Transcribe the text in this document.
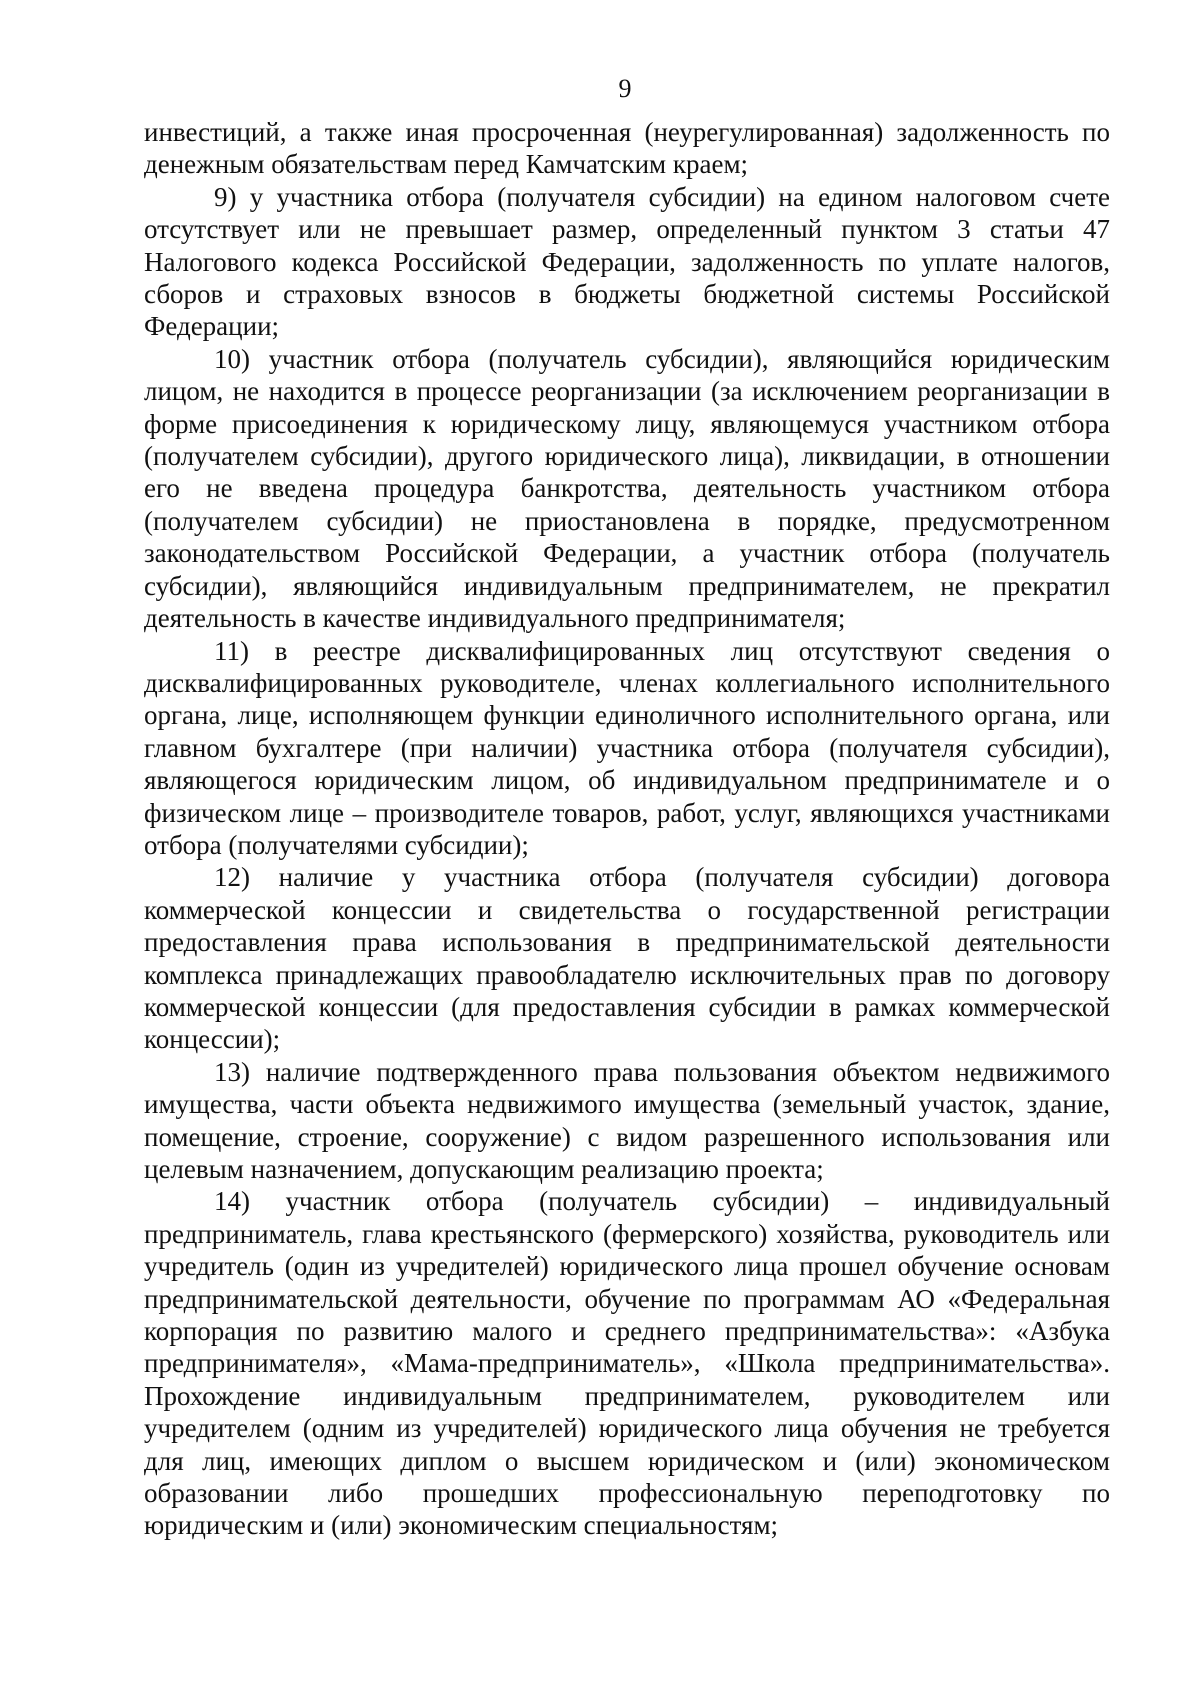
9

инвестиций, а также иная просроченная (неурегулированная) задолженность по денежным обязательствам перед Камчатским краем;

9) у участника отбора (получателя субсидии) на едином налоговом счете отсутствует или не превышает размер, определенный пунктом 3 статьи 47 Налогового кодекса Российской Федерации, задолженность по уплате налогов, сборов и страховых взносов в бюджеты бюджетной системы Российской Федерации;

10) участник отбора (получатель субсидии), являющийся юридическим лицом, не находится в процессе реорганизации (за исключением реорганизации в форме присоединения к юридическому лицу, являющемуся участником отбора (получателем субсидии), другого юридического лица), ликвидации, в отношении его не введена процедура банкротства, деятельность участником отбора (получателем субсидии) не приостановлена в порядке, предусмотренном законодательством Российской Федерации, а участник отбора (получатель субсидии), являющийся индивидуальным предпринимателем, не прекратил деятельность в качестве индивидуального предпринимателя;

11) в реестре дисквалифицированных лиц отсутствуют сведения о дисквалифицированных руководителе, членах коллегиального исполнительного органа, лице, исполняющем функции единоличного исполнительного органа, или главном бухгалтере (при наличии) участника отбора (получателя субсидии), являющегося юридическим лицом, об индивидуальном предпринимателе и о физическом лице – производителе товаров, работ, услуг, являющихся участниками отбора (получателями субсидии);

12) наличие у участника отбора (получателя субсидии) договора коммерческой концессии и свидетельства о государственной регистрации предоставления права использования в предпринимательской деятельности комплекса принадлежащих правообладателю исключительных прав по договору коммерческой концессии (для предоставления субсидии в рамках коммерческой концессии);

13) наличие подтвержденного права пользования объектом недвижимого имущества, части объекта недвижимого имущества (земельный участок, здание, помещение, строение, сооружение) с видом разрешенного использования или целевым назначением, допускающим реализацию проекта;

14) участник отбора (получатель субсидии) – индивидуальный предприниматель, глава крестьянского (фермерского) хозяйства, руководитель или учредитель (один из учредителей) юридического лица прошел обучение основам предпринимательской деятельности, обучение по программам АО «Федеральная корпорация по развитию малого и среднего предпринимательства»: «Азбука предпринимателя», «Мама-предприниматель», «Школа предпринимательства». Прохождение индивидуальным предпринимателем, руководителем или учредителем (одним из учредителей) юридического лица обучения не требуется для лиц, имеющих диплом о высшем юридическом и (или) экономическом образовании либо прошедших профессиональную переподготовку по юридическим и (или) экономическим специальностям;
